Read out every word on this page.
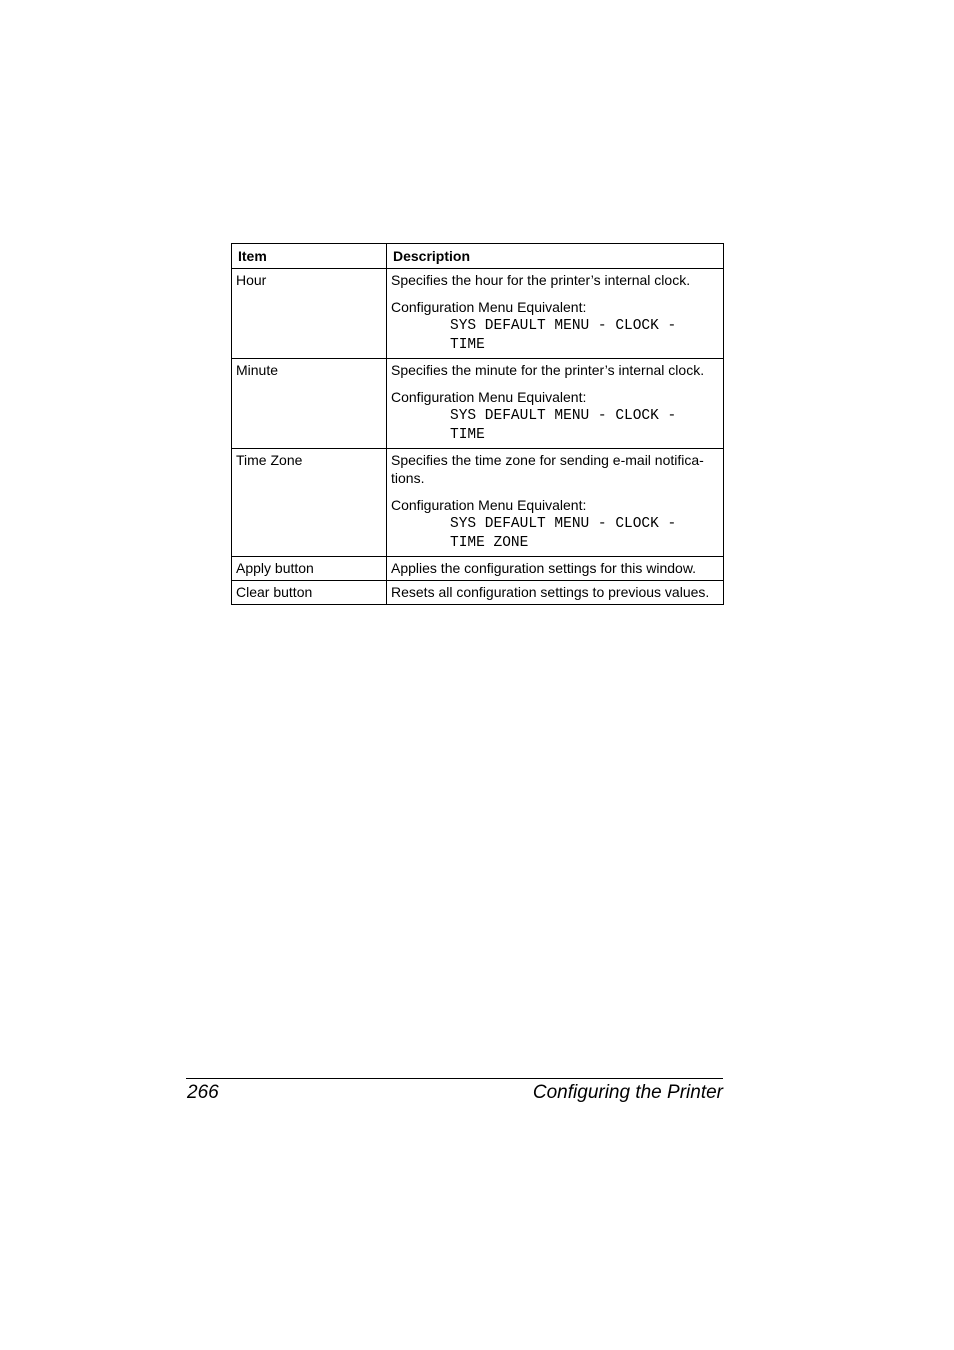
Item	Description
Hour	Specifies the hour for the printer’s internal clock.

Configuration Menu Equivalent:

SYS DEFAULT MENU - CLOCK -
TIME

Minute	Specifies the minute for the printer’s internal clock.

Configuration Menu Equivalent:

SYS DEFAULT MENU - CLOCK -
TIME

Time Zone	Specifies the time zone for sending e-mail notifica-
tions.

Configuration Menu Equivalent:

SYS DEFAULT MENU - CLOCK -
TIME ZONE

Apply button	Applies the configuration settings for this window.

Clear button	Resets all configuration settings to previous values.

266	Configuring the Printer
